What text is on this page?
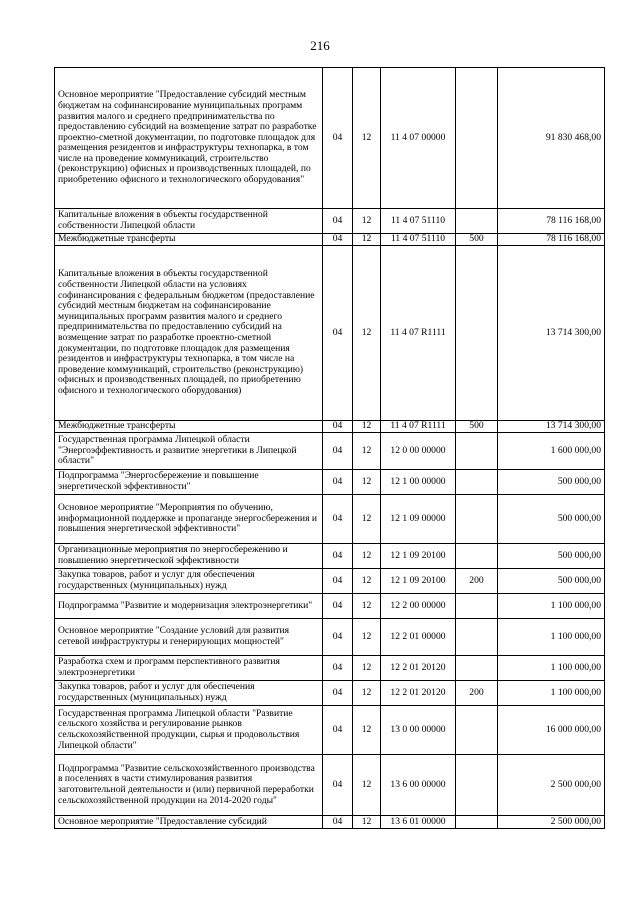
216
Основное мероприятие "Предоставление субсидий местным бюджетам на софинансирование муниципальных программ развития малого и среднего предпринимательства по предоставлению субсидий на возмещение затрат по разработке проектно-сметной документации, по подготовке площадок для размещения резидентов и инфраструктуры технопарка, в том числе на проведение коммуникаций, строительство (реконструкцию) офисных и производственных площадей, по приобретению офисного и технологического оборудования"	04	12	11 4 07 00000		91 830 468,00
Капитальные вложения в объекты государственной собственности Липецкой области	04	12	11 4 07 51110		78 116 168,00
Межбюджетные трансферты	04	12	11 4 07 51110	500	78 116 168,00
Капитальные вложения в объекты государственной собственности Липецкой области на условиях софинансирования с федеральным бюджетом (предоставление субсидий местным бюджетам на софинансирование муниципальных программ развития малого и среднего предпринимательства по предоставлению субсидий на возмещение затрат по разработке проектно-сметной документации, по подготовке площадок для размещения резидентов и инфраструктуры технопарка, в том числе на проведение коммуникаций, строительство (реконструкцию) офисных и производственных площадей, по приобретению офисного и технологического оборудования)	04	12	11 4 07 R1111		13 714 300,00
Межбюджетные трансферты	04	12	11 4 07 R1111	500	13 714 300,00
Государственная программа Липецкой области "Энергоэффективность и развитие энергетики в Липецкой области"	04	12	12 0 00 00000		1 600 000,00
Подпрограмма "Энергосбережение и повышение энергетической эффективности"	04	12	12 1 00 00000		500 000,00
Основное мероприятие "Мероприятия по обучению, информационной поддержке и пропаганде энергосбережения и повышения энергетической эффективности"	04	12	12 1 09 00000		500 000,00
Организационные мероприятия по энергосбережению и повышению энергетической эффективности	04	12	12 1 09 20100		500 000,00
Закупка товаров, работ и услуг для обеспечения государственных (муниципальных) нужд	04	12	12 1 09 20100	200	500 000,00
Подпрограмма "Развитие и модернизация электроэнергетики"	04	12	12 2 00 00000		1 100 000,00
Основное мероприятие "Создание условий для развития сетевой инфраструктуры и генерирующих мощностей"	04	12	12 2 01 00000		1 100 000,00
Разработка схем и программ перспективного развития электроэнергетики	04	12	12 2 01 20120		1 100 000,00
Закупка товаров, работ и услуг для обеспечения государственных (муниципальных) нужд	04	12	12 2 01 20120	200	1 100 000,00
Государственная программа Липецкой области "Развитие сельского хозяйства и регулирование рынков сельскохозяйственной продукции, сырья и продовольствия Липецкой области"	04	12	13 0 00 00000		16 000 000,00
Подпрограмма "Развитие сельскохозяйственного производства в поселениях в части стимулирования развития заготовительной деятельности и (или) первичной переработки сельскохозяйственной продукции на 2014-2020 годы"	04	12	13 6 00 00000		2 500 000,00
Основное мероприятие "Предоставление субсидий	04	12	13 6 01 00000		2 500 000,00
